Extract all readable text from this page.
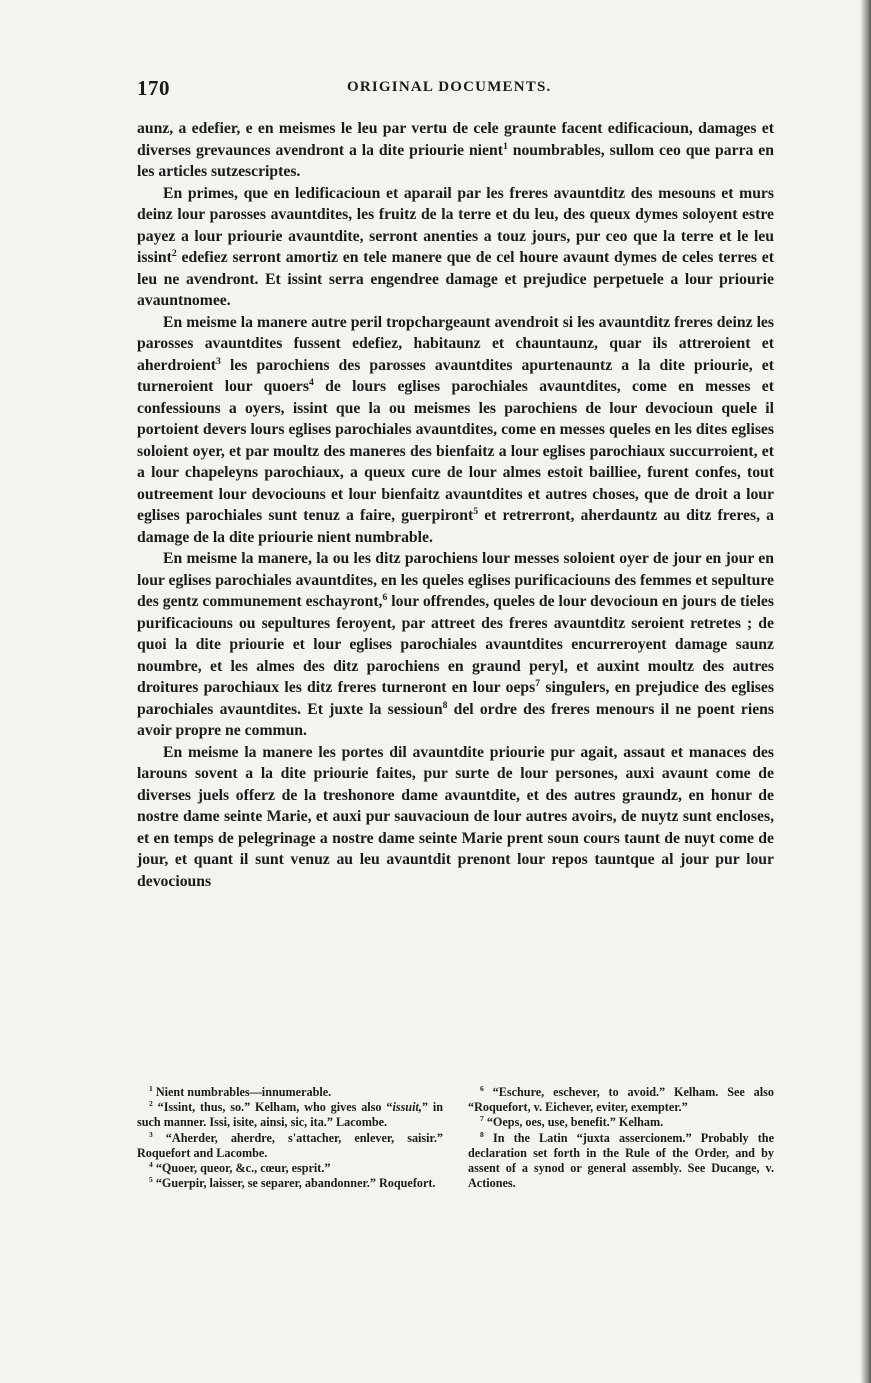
170	ORIGINAL DOCUMENTS.

aunz, a edefier, e en meismes le leu par vertu de cele graunte facent edificacioun, damages et diverses grevaunces avendront a la dite priourie nient$^1$ noumbrables, sullom ceo que parra en les articles sutzescriptes.

En primes, que en ledificacioun et aparail par les freres avauntditz des mesouns et murs deinz lour parosses avauntdites, les fruitz de la terre et du leu, des queux dymes soloyent estre payez a lour priourie avauntdite, serront anenties a touz jours, pur ceo que la terre et le leu issint$^2$ edefiez serront amortiz en tele manere que de cel houre avaunt dymes de celes terres et leu ne avendront. Et issint serra engendree damage et prejudice perpetuele a lour priourie avauntnomee.

En meisme la manere autre peril tropchargeaunt avendroit si les avauntditz freres deinz les parosses avauntdites fussent edefiez, habitaunz et chauntaunz, quar ils attreroient et aherdroient$^3$ les parochiens des parosses avauntdites apurtenauntz a la dite priourie, et turneroient lour quoers$^4$ de lours eglises parochiales avauntdites, come en messes et confessiouns a oyers, issint que la ou meismes les parochiens de lour devocioun quele il portoient devers lours eglises parochiales avauntdites, come en messes queles en les dites eglises soloient oyer, et par moultz des maneres des bienfaitz a lour eglises parochiaux succurroient, et a lour chapeleyns parochiaux, a queux cure de lour almes estoit bailliee, furent confes, tout outreement lour devociouns et lour bienfaitz avauntdites et autres choses, que de droit a lour eglises parochiales sunt tenuz a faire, guerpiront$^5$ et retrerront, aherdauntz au ditz freres, a damage de la dite priourie nient numbrable.

En meisme la manere, la ou les ditz parochiens lour messes soloient oyer de jour en jour en lour eglises parochiales avauntdites, en les queles eglises purificaciouns des femmes et sepulture des gentz communement eschayront,$^6$ lour offrendes, queles de lour devocioun en jours de tieles purificaciouns ou sepultures feroyent, par attreet des freres avauntditz seroient retretes ; de quoi la dite priourie et lour eglises parochiales avauntdites encurreroyent damage saunz noumbre, et les almes des ditz parochiens en graund peryl, et auxint moultz des autres droitures parochiaux les ditz freres turneront en lour oeps$^7$ singulers, en prejudice des eglises parochiales avauntdites. Et juxte la sessioun$^8$ del ordre des freres menours il ne poent riens avoir propre ne commun.

En meisme la manere les portes dil avauntdite priourie pur agait, assaut et manaces des larouns sovent a la dite priourie faites, pur surte de lour persones, auxi avaunt come de diverses juels offerz de la treshonore dame avauntdite, et des autres graundz, en honur de nostre dame seinte Marie, et auxi pur sauvacioun de lour autres avoirs, de nuytz sunt encloses, et en temps de pelegrinage a nostre dame seinte Marie prent soun cours taunt de nuyt come de jour, et quant il sunt venuz au leu avauntdit prenont lour repos tauntque al jour pur lour devociouns

$^1$ Nient numbrables—innumerable.

$^2$ “Issint, thus, so.” Kelham, who gives also “issuit,” in such manner. Issi, isite, ainsi, sic, ita.” Lacombe.

$^3$ “Aherder, aherdre, s'attacher, enlever, saisir.” Roquefort and Lacombe.

$^4$ “Quoer, queor, &c., cœur, esprit.”

$^5$ “Guerpir, laisser, se separer, abandonner.” Roquefort.

$^6$ “Eschure, eschever, to avoid.” Kelham. See also “Roquefort, v. Eichever, eviter, exempter.”

$^7$ “Oeps, oes, use, benefit.” Kelham.

$^8$ In the Latin “juxta assercionem.” Probably the declaration set forth in the Rule of the Order, and by assent of a synod or general assembly. See Ducange, v. Actiones.
